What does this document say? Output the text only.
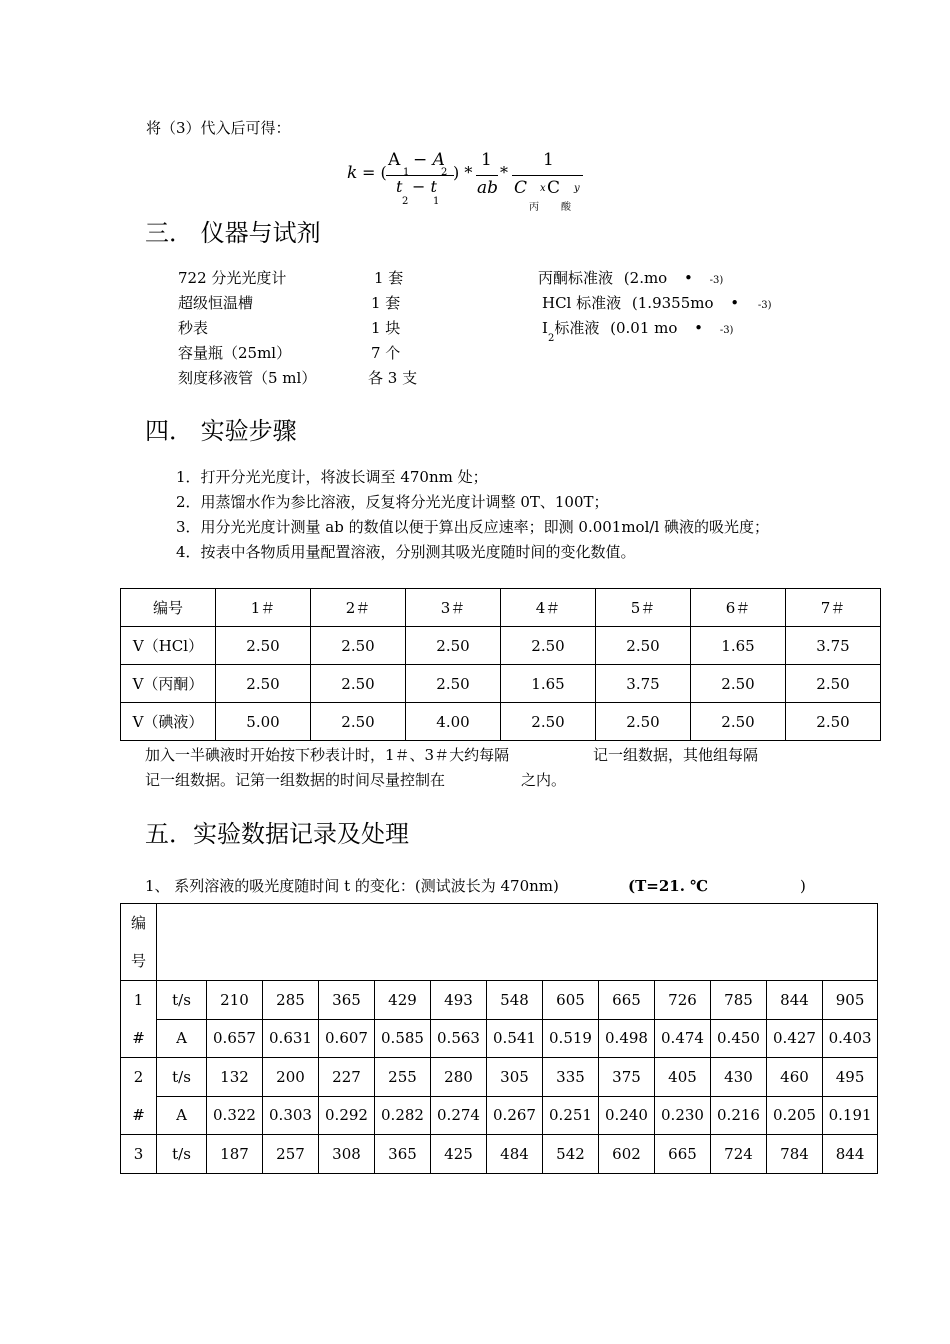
将（3）代入后可得：
k = (
A
1
− A
2
t − t
2 1
) *
1
ab
*
1
C x C y
丙 酸
三． 仪器与试剂
722 分光光度计	1 套
超级恒温槽	1 套
秒表	1 块
容量瓶（25ml）	7 个
刻度移液管（5 ml）	各 3 支
丙酮标准液 (2.mo • -3)
HCl 标准液 (1.9355mo • -3)
$I_2$标准液 (0.01 mo • -3)
四． 实验步骤
1．打开分光光度计，将波长调至 470nm 处；
2．用蒸馏水作为参比溶液，反复将分光光度计调整 0T、100T；
3．用分光光度计测量 ab 的数值以便于算出反应速率；即测 0.001mol/l 碘液的吸光度；
4．按表中各物质用量配置溶液，分别测其吸光度随时间的变化数值。
编号	1＃	2＃	3＃	4＃	5＃	6＃	7＃
V（HCl）	2.50	2.50	2.50	2.50	2.50	1.65	3.75
V（丙酮）	2.50	2.50	2.50	1.65	3.75	2.50	2.50
V（碘液）	5.00	2.50	4.00	2.50	2.50	2.50	2.50
加入一半碘液时开始按下秒表计时，1＃、3＃大约每隔	记一组数据，其他组每隔
记一组数据。记第一组数据的时间尽量控制在	之内。
五．实验数据记录及处理
1、 系列溶液的吸光度随时间 t 的变化：(测试波长为 470nm)	(T=21. ℃	)
编
号													

1
#	t/s	210	285	365	429	493	548	605	665	726	785	844	905
	A	0.657	0.631	0.607	0.585	0.563	0.541	0.519	0.498	0.474	0.450	0.427	0.403

2
#	t/s	132	200	227	255	280	305	335	375	405	430	460	495
	A	0.322	0.303	0.292	0.282	0.274	0.267	0.251	0.240	0.230	0.216	0.205	0.191

3	t/s	187	257	308	365	425	484	542	602	665	724	784	844
